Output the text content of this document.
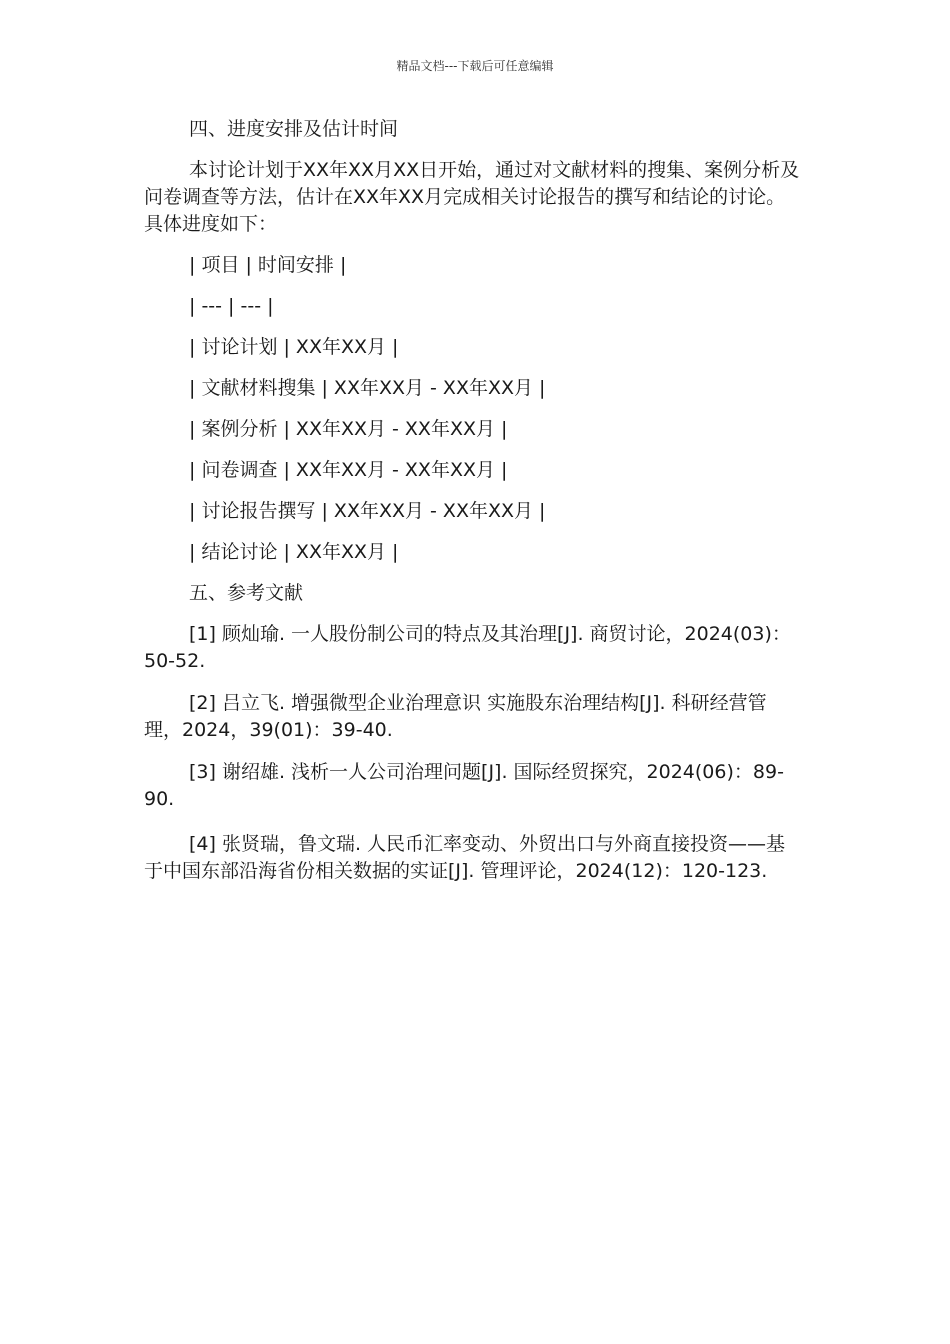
精品文档---下载后可任意编辑

四、进度安排及估计时间

本讨论计划于XX年XX月XX日开始，通过对文献材料的搜集、案例分析及问卷调查等方法，估计在XX年XX月完成相关讨论报告的撰写和结论的讨论。具体进度如下：

| 项目 | 时间安排 |

| --- | --- |

| 讨论计划 | XX年XX月 |

| 文献材料搜集 | XX年XX月 - XX年XX月 |

| 案例分析 | XX年XX月 - XX年XX月 |

| 问卷调查 | XX年XX月 - XX年XX月 |

| 讨论报告撰写 | XX年XX月 - XX年XX月 |

| 结论讨论 | XX年XX月 |

五、参考文献

[1] 顾灿瑜. 一人股份制公司的特点及其治理[J]. 商贸讨论，2024(03)：50-52.

[2] 吕立飞. 增强微型企业治理意识 实施股东治理结构[J]. 科研经营管理，2024，39(01)：39-40.

[3] 谢绍雄. 浅析一人公司治理问题[J]. 国际经贸探究，2024(06)：89-90.

[4] 张贤瑞，鲁文瑞. 人民币汇率变动、外贸出口与外商直接投资——基于中国东部沿海省份相关数据的实证[J]. 管理评论，2024(12)：120-123.
